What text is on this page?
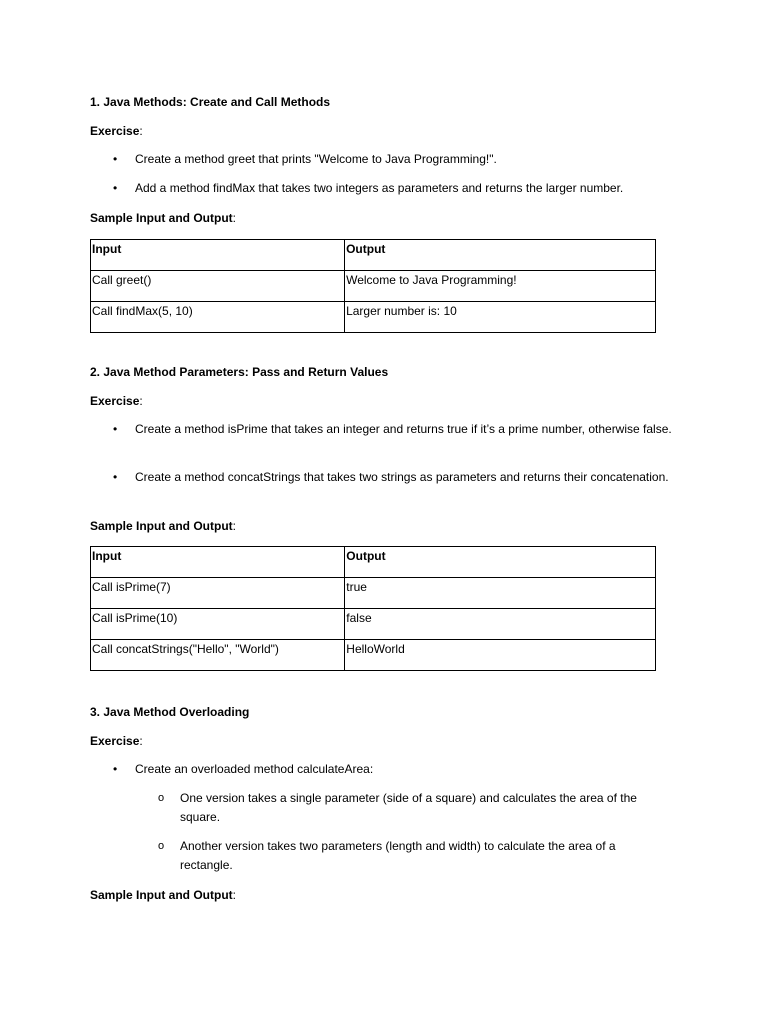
1. Java Methods: Create and Call Methods
Exercise:
•	Create a method greet that prints "Welcome to Java Programming!".
•	Add a method findMax that takes two integers as parameters and returns the larger number.
Sample Input and Output:
Input	Output
Call greet()	Welcome to Java Programming!
Call findMax(5, 10)	Larger number is: 10
2. Java Method Parameters: Pass and Return Values
Exercise:
•	Create a method isPrime that takes an integer and returns true if it’s a prime number, otherwise false.
•	Create a method concatStrings that takes two strings as parameters and returns their concatenation.
Sample Input and Output:
Input	Output
Call isPrime(7)	true
Call isPrime(10)	false
Call concatStrings("Hello", "World")	HelloWorld
3. Java Method Overloading
Exercise:
•	Create an overloaded method calculateArea:
o One version takes a single parameter (side of a square) and calculates the area of the square.
o Another version takes two parameters (length and width) to calculate the area of a rectangle.
Sample Input and Output:
